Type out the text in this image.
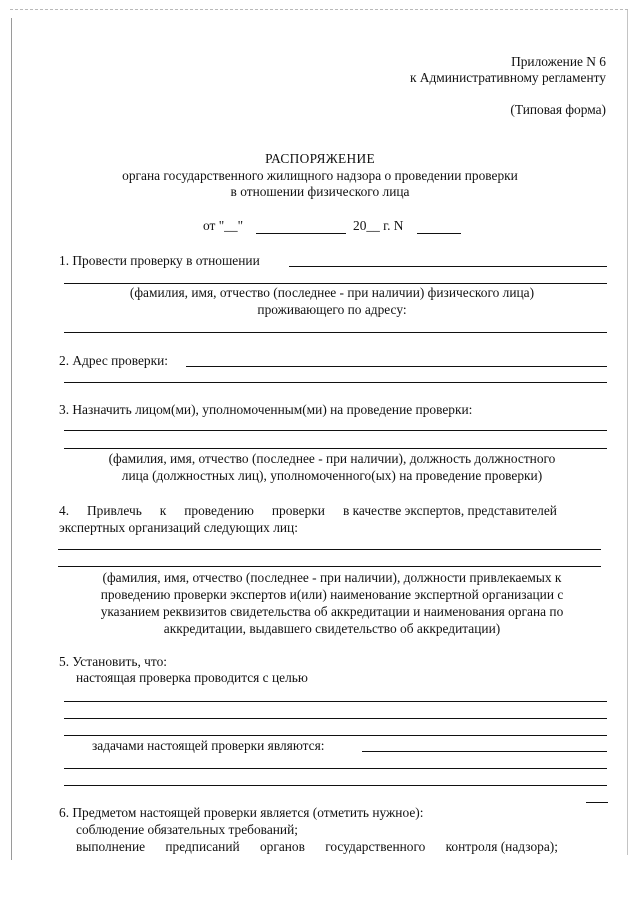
Приложение N 6
к Административному регламенту
(Типовая форма)
РАСПОРЯЖЕНИЕ
органа государственного жилищного надзора о проведении проверки
в отношении физического лица
от "__"	20__ г. N
1. Провести проверку в отношении
(фамилия, имя, отчество (последнее - при наличии) физического лица)
проживающего по адресу:
2. Адрес проверки:
3. Назначить лицом(ми), уполномоченным(ми) на проведение проверки:
(фамилия, имя, отчество (последнее - при наличии), должность должностного
лица (должностных лиц), уполномоченного(ых) на проведение проверки)
4. Привлечь к проведению проверки в качестве экспертов, представителей
экспертных организаций следующих лиц:
(фамилия, имя, отчество (последнее - при наличии), должности привлекаемых к
проведению проверки экспертов и(или) наименование экспертной организации с
указанием реквизитов свидетельства об аккредитации и наименования органа по
аккредитации, выдавшего свидетельство об аккредитации)
5. Установить, что:
настоящая проверка проводится с целью
задачами настоящей проверки являются:
6. Предметом настоящей проверки является (отметить нужное):
соблюдение обязательных требований;
выполнение предписаний органов государственного контроля (надзора);
